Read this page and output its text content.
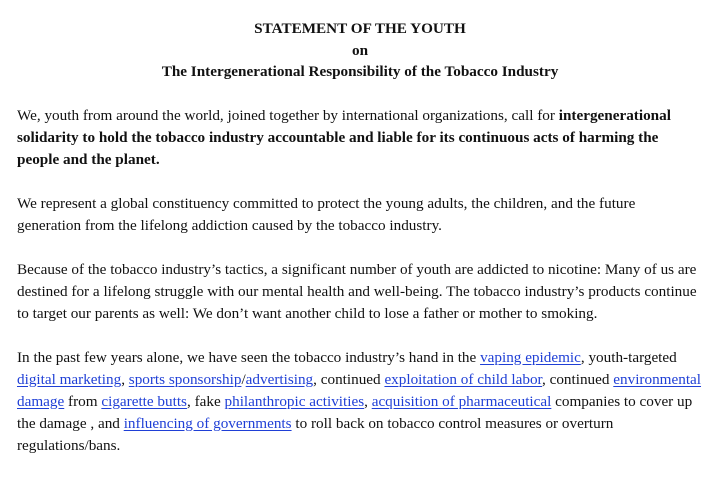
STATEMENT OF THE YOUTH
on
The Intergenerational Responsibility of the Tobacco Industry

We, youth from around the world, joined together by international organizations, call for intergenerational solidarity to hold the tobacco industry accountable and liable for its continuous acts of harming the people and the planet.

We represent a global constituency committed to protect the young adults, the children, and the future generation from the lifelong addiction caused by the tobacco industry.

Because of the tobacco industry’s tactics, a significant number of youth are addicted to nicotine: Many of us are destined for a lifelong struggle with our mental health and well-being. The tobacco industry’s products continue to target our parents as well: We don’t want another child to lose a father or mother to smoking.

In the past few years alone, we have seen the tobacco industry’s hand in the vaping epidemic, youth-targeted digital marketing, sports sponsorship/advertising, continued exploitation of child labor, continued environmental damage from cigarette butts, fake philanthropic activities, acquisition of pharmaceutical companies to cover up the damage , and influencing of governments to roll back on tobacco control measures or overturn regulations/bans.
